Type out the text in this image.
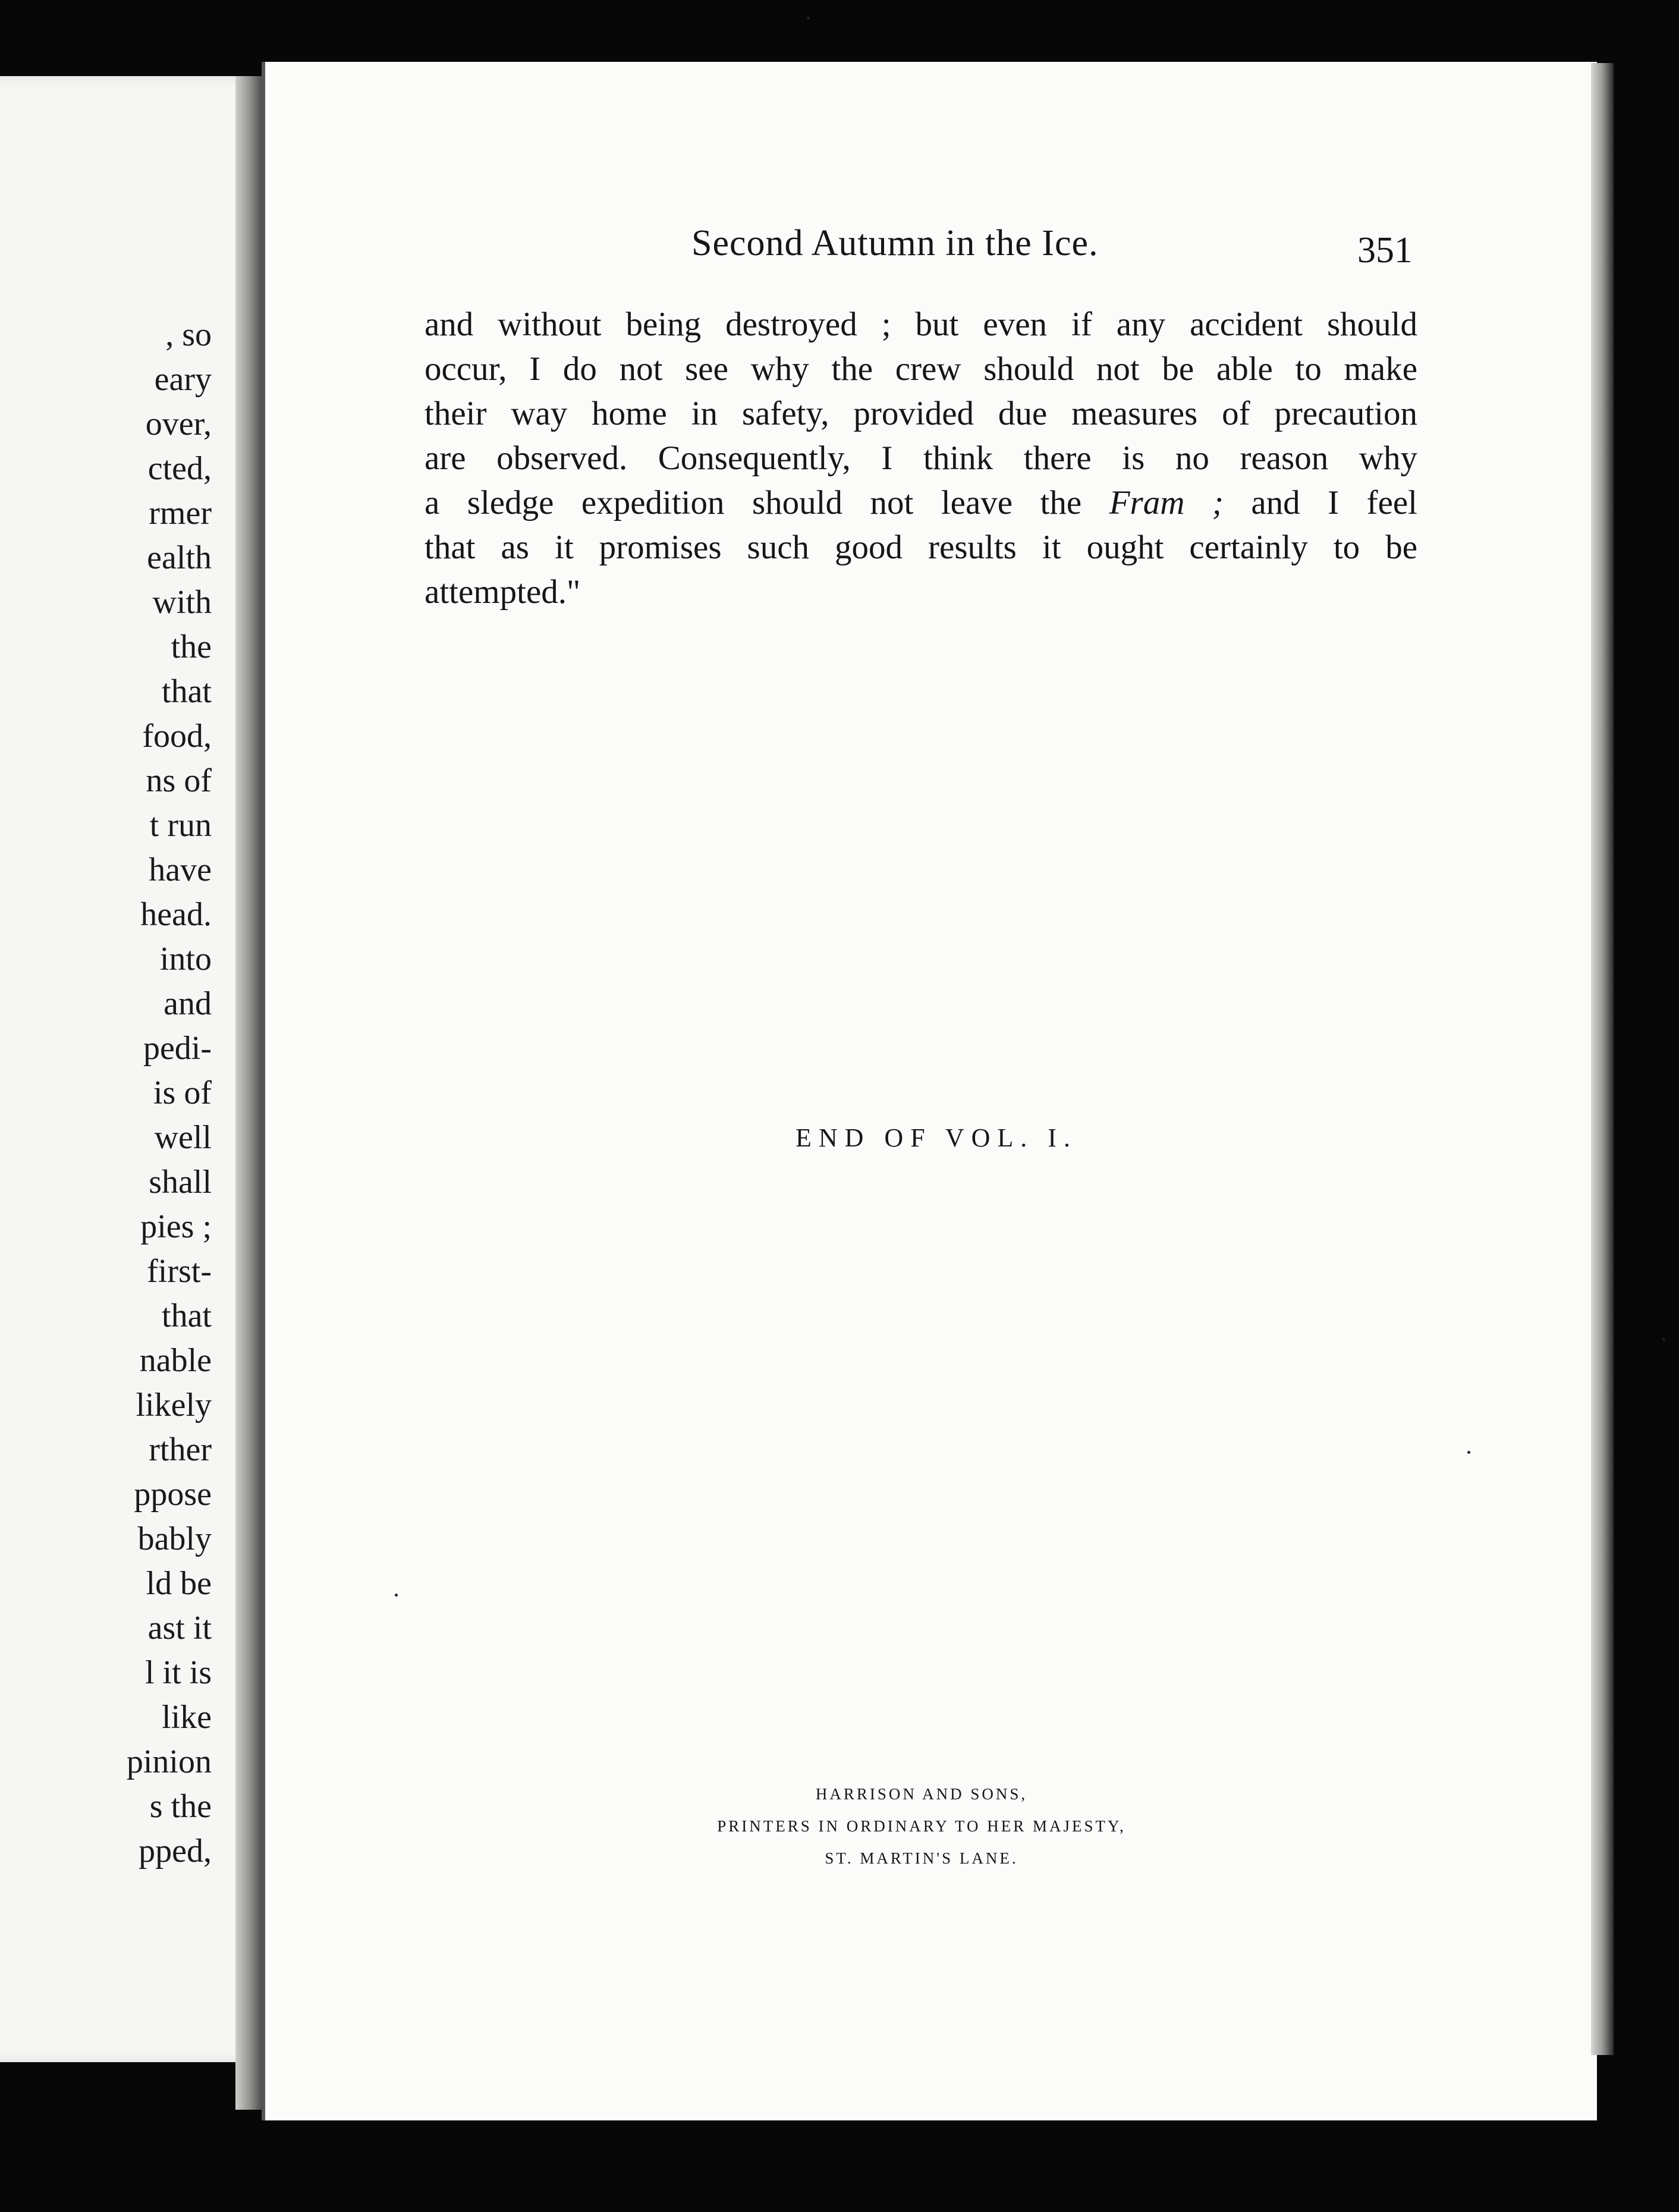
, so
eary
over,
cted,
rmer
ealth
with
the
that
food,
ns of
t run
have
head.
into
and
pedi-
is of
well
shall
pies ;
first-
that
nable
likely
rther
ppose
bably
ld be
ast it
l it is
like
pinion
s the
pped,
Second Autumn in the Ice.	351
and without being destroyed ; but even if any accident should
occur, I do not see why the crew should not be able to make
their way home in safety, provided due measures of precaution
are observed. Consequently, I think there is no reason why
a sledge expedition should not leave the Fram ; and I feel
that as it promises such good results it ought certainly to be
attempted."
END OF VOL. I.
HARRISON AND SONS,
PRINTERS IN ORDINARY TO HER MAJESTY,
ST. MARTIN'S LANE.
